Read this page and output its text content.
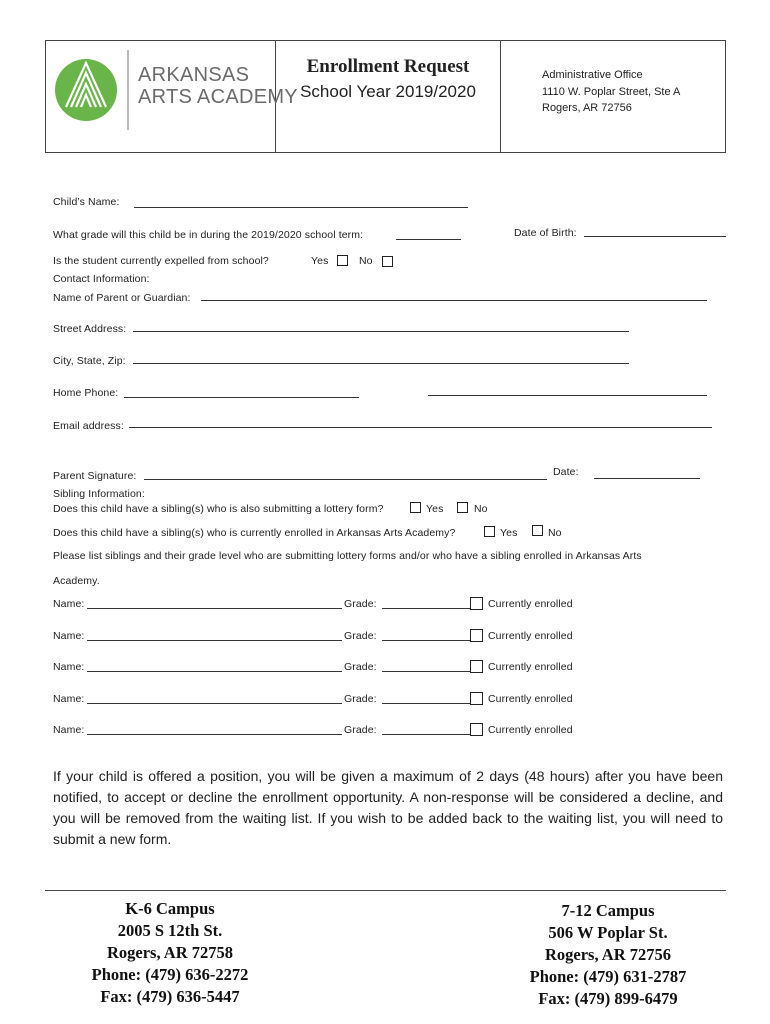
ARKANSAS
ARTS ACADEMY
Enrollment Request
School Year 2019/2020
Administrative Office
1110 W. Poplar Street, Ste A
Rogers, AR 72756
Child’s Name:
What grade will this child be in during the 2019/2020 school term:	Date of Birth:
Is the student currently expelled from school?	Yes	No
Contact Information:
Name of Parent or Guardian:
Street Address:
City, State, Zip:
Home Phone:
Email address:
Parent Signature:	Date:
Sibling Information:
Does this child have a sibling(s) who is also submitting a lottery form?	Yes	No
Does this child have a sibling(s) who is currently enrolled in Arkansas Arts Academy?	Yes	No
Please list siblings and their grade level who are submitting lottery forms and/or who have a sibling enrolled in Arkansas Arts
Academy.
Name:	Grade:	Currently enrolled
Name:	Grade:	Currently enrolled
Name:	Grade:	Currently enrolled
Name:	Grade:	Currently enrolled
Name:	Grade:	Currently enrolled
If your child is offered a position, you will be given a maximum of 2 days (48 hours) after you have been notified, to accept or decline the enrollment opportunity. A non-response will be considered a decline, and you will be removed from the waiting list. If you wish to be added back to the waiting list, you will need to submit a new form.
K-6 Campus
2005 S 12th St.
Rogers, AR 72758
Phone: (479) 636-2272
Fax: (479) 636-5447
7-12 Campus
506 W Poplar St.
Rogers, AR 72756
Phone: (479) 631-2787
Fax: (479) 899-6479
